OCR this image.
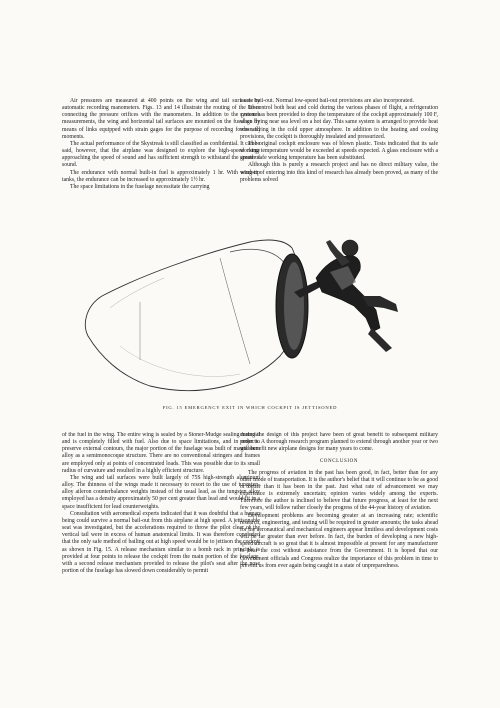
Air pressures are measured at 400 points on the wing and tail surfaces by automatic recording manometers. Figs. 13 and 14 illustrate the routing of the tubes connecting the pressure orifices with the manometers. In addition to the pressure measurements, the wing and horizontal tail surfaces are mounted on the fuselage by means of links equipped with strain gages for the purpose of recording forces and moments.

The actual performance of the Skystreak is still classified as confidential. It can be said, however, that the airplane was designed to explore the high-speed range approaching the speed of sound and has sufficient strength to withstand the speed of sound.

The endurance with normal built-in fuel is approximately 1 hr. With wing-tip tanks, the endurance can be increased to approximately 1½ hr.

The space limitations in the fuselage necessitate the carrying

a safe bail-out. Normal low-speed bail-out provisions are also incorporated.

To control both heat and cold during the various phases of flight, a refrigeration system has been provided to drop the temperature of the cockpit approximately 100 F, when flying near sea level on a hot day. This same system is arranged to provide heat when flying in the cold upper atmosphere. In addition to the heating and cooling provisions, the cockpit is thoroughly insulated and pressurized.

The original cockpit enclosure was of blown plastic. Tests indicated that its safe working temperature would be exceeded at speeds expected. A glass enclosure with a greater safe working temperature has been substituted.

Although this is purely a research project and has no direct military value, the wisdom of entering into this kind of research has already been proved, as many of the problems solved

FIG. 15 EMERGENCY EXIT IN WHICH COCKPIT IS JETTISONED

of the fuel in the wing. The entire wing is sealed by a Stoner-Mudge sealing material and is completely filled with fuel. Also due to space limitations, and in order to preserve external contours, the major portion of the fuselage was built of magnesium alloy as a semimonocoque structure. There are no conventional stringers and frames are employed only at points of concentrated loads. This was possible due to its small radius of curvature and resulted in a highly efficient structure.

The wing and tail surfaces were built largely of 75S high-strength aluminum alloy. The thinness of the wings made it necessary to resort to the use of tungsten-alloy aileron counterbalance weights instead of the usual lead, as the tungsten alloy employed has a density approximately 50 per cent greater than lead and would fit in a space insufficient for lead counterweights.

Consultation with aeromedical experts indicated that it was doubtful that a human being could survive a normal bail-out from this airplane at high speed. A jettisonable seat was investigated, but the accelerations required to throw the pilot clear of the vertical tail were in excess of human anatomical limits. It was therefore concluded that the only safe method of bailing out at high speed would be to jettison the cockpit as shown in Fig. 15. A release mechanism similar to a bomb rack in principle is provided at four points to release the cockpit from the main portion of the fuselage, with a second release mechanism provided to release the pilot's seat after the nose portion of the fuselage has slowed down considerably to permit

during the design of this project have been of great benefit to subsequent military projects. A thorough research program planned to extend through another year or two will benefit new airplane designs for many years to come.

CONCLUSION

The progress of aviation in the past has been good, in fact, better than for any other mode of transportation. It is the author's belief that it will continue to be as good or better than it has been in the past. Just what rate of advancement we may experience is extremely uncertain; opinion varies widely among the experts. Therefore the author is inclined to believe that future progress, at least for the next few years, will follow rather closely the progress of the 44-year history of aviation.

Development problems are becoming greater at an increasing rate; scientific research, engineering, and testing will be required in greater amounts; the tasks ahead for the aeronautical and mechanical engineers appear limitless and development costs will be far greater than ever before. In fact, the burden of developing a new high-speed aircraft is so great that it is almost impossible at present for any manufacturer to bear the cost without assistance from the Government. It is hoped that our Government officials and Congress realize the importance of this problem in time to prevent us from ever again being caught in a state of unpreparedness.
